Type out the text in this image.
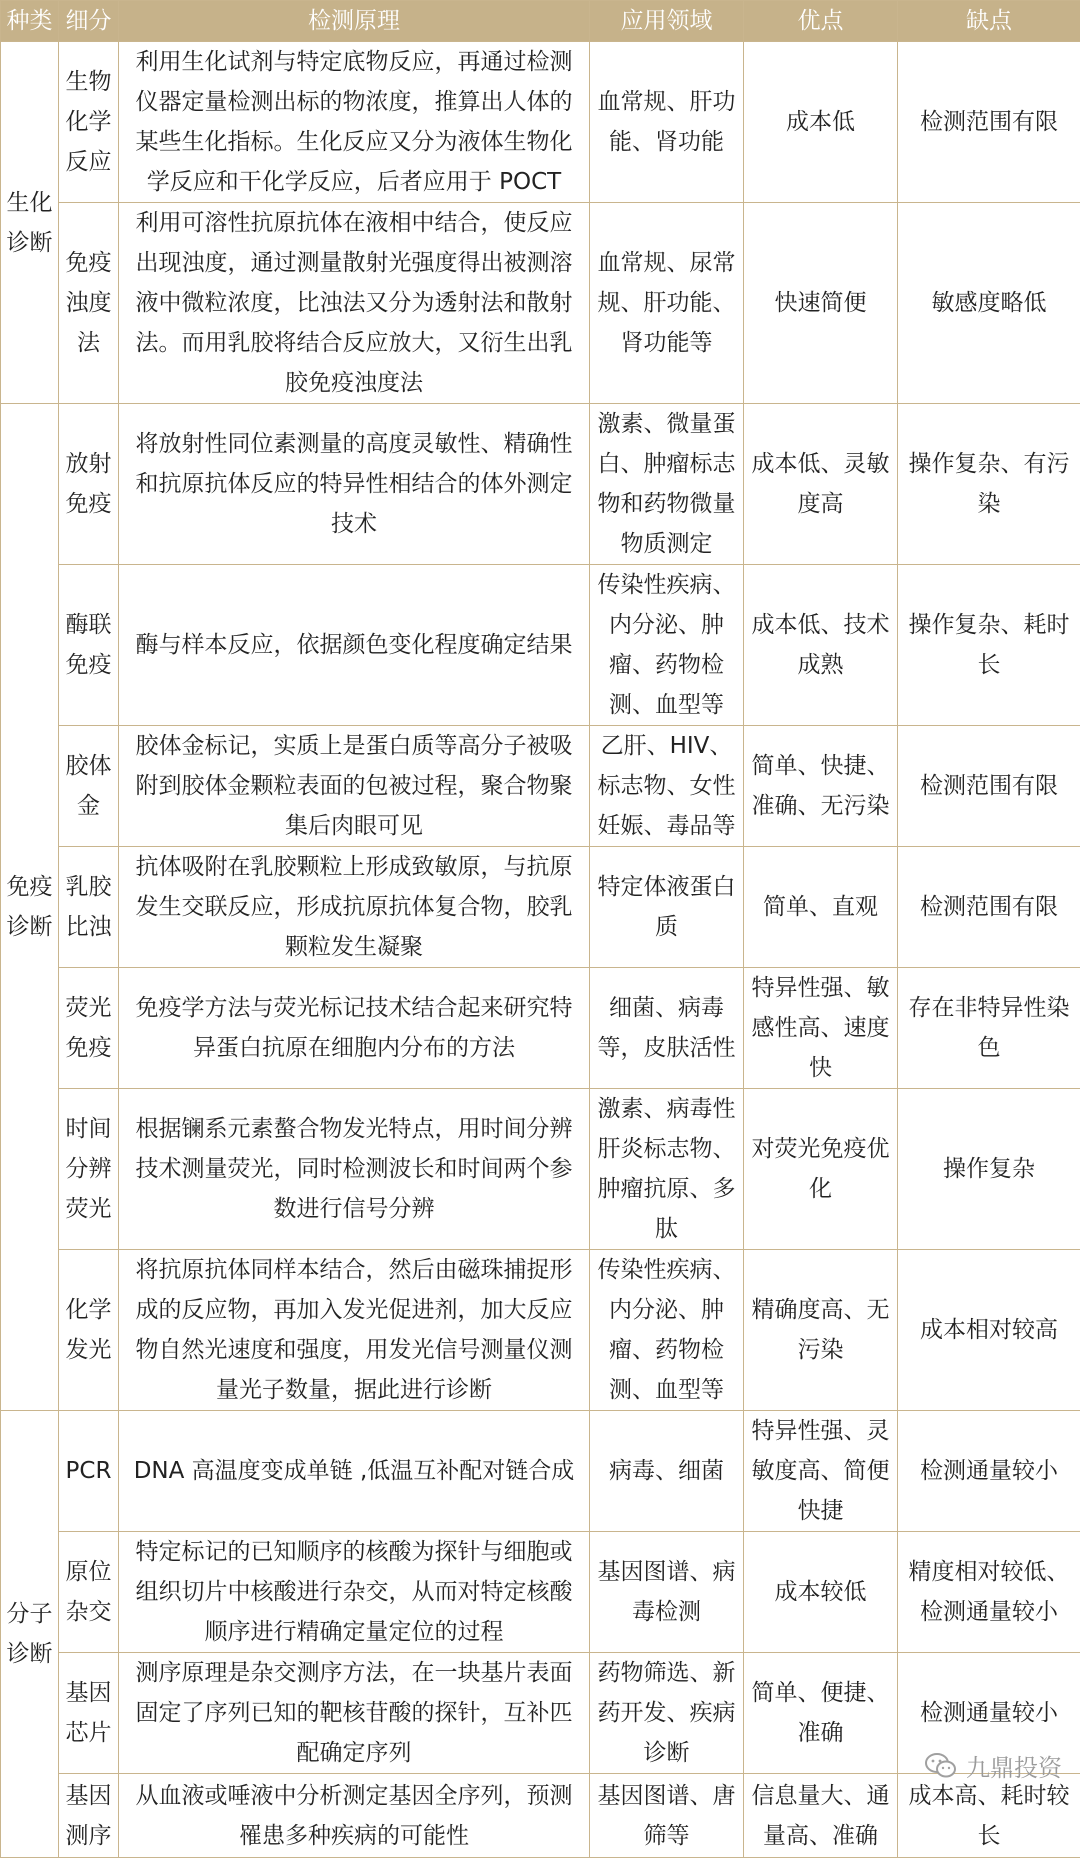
种类	细分	检测原理	应用领域	优点	缺点
生化诊断	生物化学反应	利用生化试剂与特定底物反应，再通过检测仪器定量检测出标的物浓度，推算出人体的某些生化指标。生化反应又分为液体生物化学反应和干化学反应，后者应用于 POCT	血常规、肝功能、肾功能	成本低	检测范围有限
	免疫浊度法	利用可溶性抗原抗体在液相中结合，使反应出现浊度，通过测量散射光强度得出被测溶液中微粒浓度，比浊法又分为透射法和散射法。而用乳胶将结合反应放大，又衍生出乳胶免疫浊度法	血常规、尿常规、肝功能、肾功能等	快速简便	敏感度略低
免疫诊断	放射免疫	将放射性同位素测量的高度灵敏性、精确性和抗原抗体反应的特异性相结合的体外测定技术	激素、微量蛋白、肿瘤标志物和药物微量物质测定	成本低、灵敏度高	操作复杂、有污染
	酶联免疫	酶与样本反应，依据颜色变化程度确定结果	传染性疾病、内分泌、肿瘤、药物检测、血型等	成本低、技术成熟	操作复杂、耗时长
	胶体金	胶体金标记，实质上是蛋白质等高分子被吸附到胶体金颗粒表面的包被过程，聚合物聚集后肉眼可见	乙肝、HIV、标志物、女性妊娠、毒品等	简单、快捷、准确、无污染	检测范围有限
	乳胶比浊	抗体吸附在乳胶颗粒上形成致敏原，与抗原发生交联反应，形成抗原抗体复合物，胶乳颗粒发生凝聚	特定体液蛋白质	简单、直观	检测范围有限
	荧光免疫	免疫学方法与荧光标记技术结合起来研究特异蛋白抗原在细胞内分布的方法	细菌、病毒等，皮肤活性	特异性强、敏感性高、速度快	存在非特异性染色
	时间分辨荧光	根据镧系元素螯合物发光特点，用时间分辨技术测量荧光，同时检测波长和时间两个参数进行信号分辨	激素、病毒性肝炎标志物、肿瘤抗原、多肽	对荧光免疫优化	操作复杂
	化学发光	将抗原抗体同样本结合，然后由磁珠捕捉形成的反应物，再加入发光促进剂，加大反应物自然光速度和强度，用发光信号测量仪测量光子数量，据此进行诊断	传染性疾病、内分泌、肿瘤、药物检测、血型等	精确度高、无污染	成本相对较高
分子诊断	PCR	DNA 高温度变成单链 ,低温互补配对链合成	病毒、细菌	特异性强、灵敏度高、简便快捷	检测通量较小
	原位杂交	特定标记的已知顺序的核酸为探针与细胞或组织切片中核酸进行杂交，从而对特定核酸顺序进行精确定量定位的过程	基因图谱、病毒检测	成本较低	精度相对较低、检测通量较小
	基因芯片	测序原理是杂交测序方法，在一块基片表面固定了序列已知的靶核苷酸的探针，互补匹配确定序列	药物筛选、新药开发、疾病诊断	简单、便捷、准确	检测通量较小
	基因测序	从血液或唾液中分析测定基因全序列，预测罹患多种疾病的可能性	基因图谱、唐筛等	信息量大、通量高、准确	成本高、耗时较长
九鼎投资
